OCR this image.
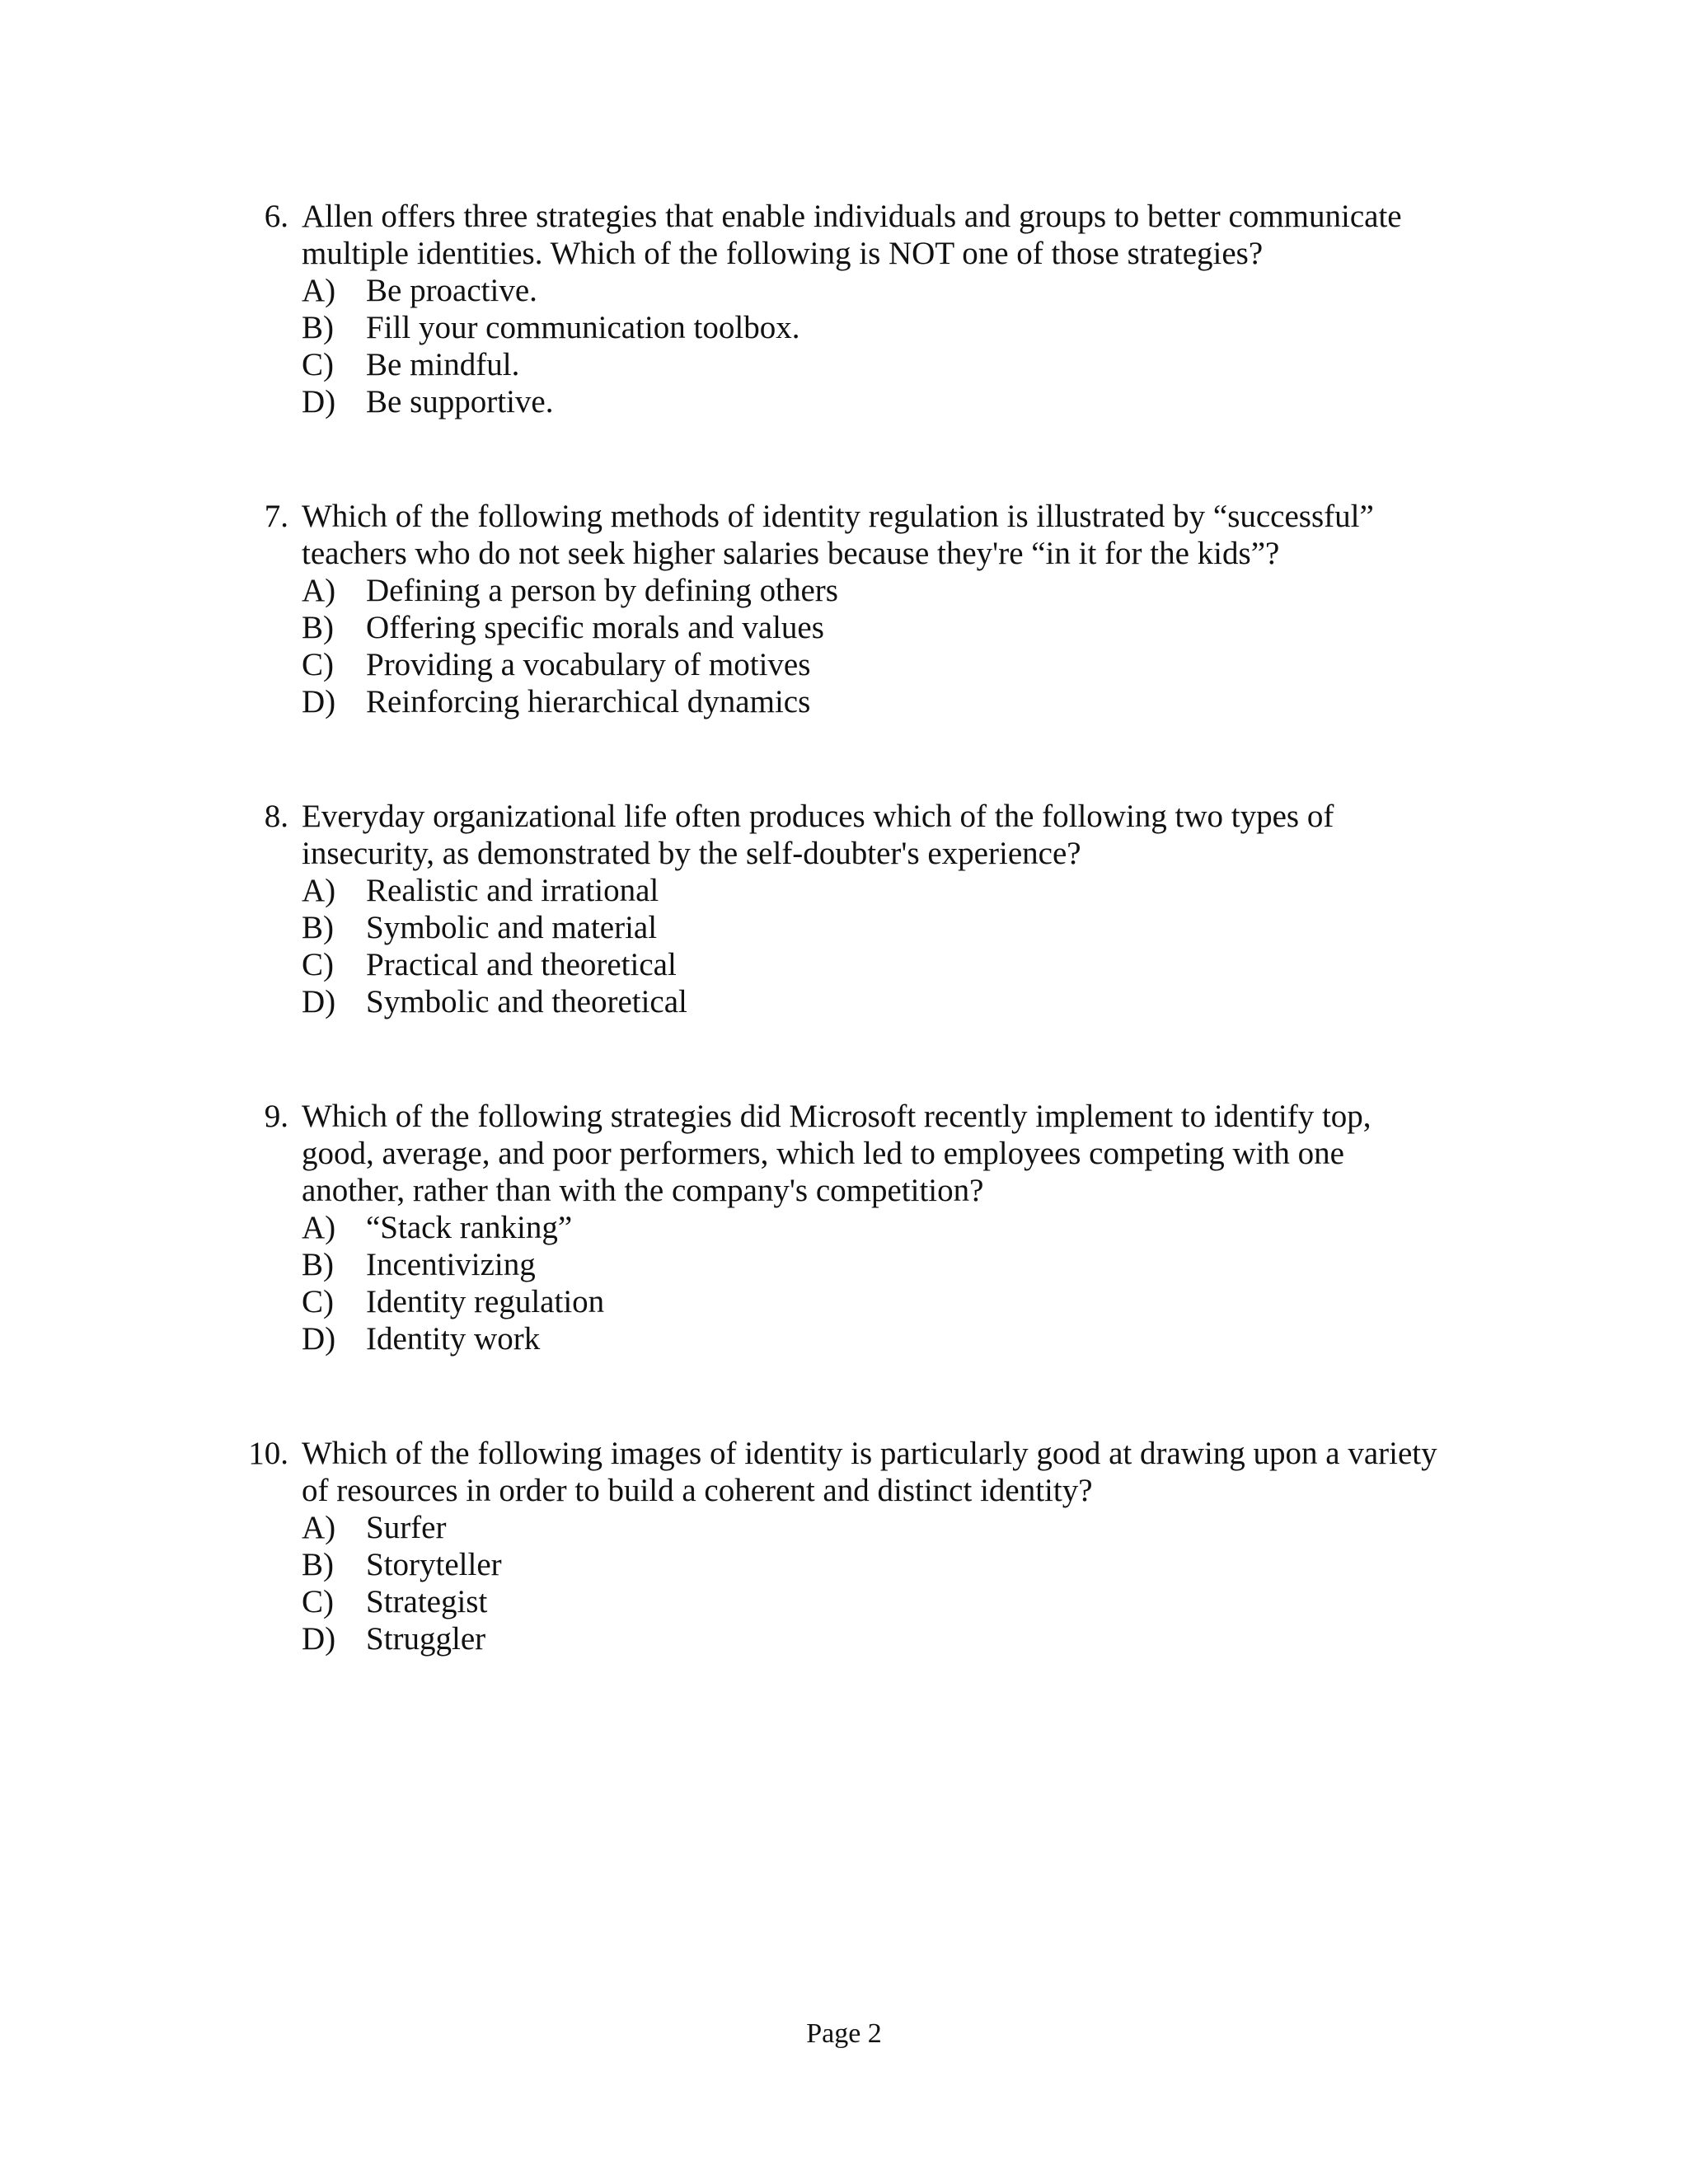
6. Allen offers three strategies that enable individuals and groups to better communicate
multiple identities. Which of the following is NOT one of those strategies?
A) Be proactive.
B) Fill your communication toolbox.
C) Be mindful.
D) Be supportive.
7. Which of the following methods of identity regulation is illustrated by “successful”
teachers who do not seek higher salaries because they're “in it for the kids”?
A) Defining a person by defining others
B) Offering specific morals and values
C) Providing a vocabulary of motives
D) Reinforcing hierarchical dynamics
8. Everyday organizational life often produces which of the following two types of
insecurity, as demonstrated by the self-doubter's experience?
A) Realistic and irrational
B) Symbolic and material
C) Practical and theoretical
D) Symbolic and theoretical
9. Which of the following strategies did Microsoft recently implement to identify top,
good, average, and poor performers, which led to employees competing with one
another, rather than with the company's competition?
A) “Stack ranking”
B) Incentivizing
C) Identity regulation
D) Identity work
10. Which of the following images of identity is particularly good at drawing upon a variety
of resources in order to build a coherent and distinct identity?
A) Surfer
B) Storyteller
C) Strategist
D) Struggler
Page 2
